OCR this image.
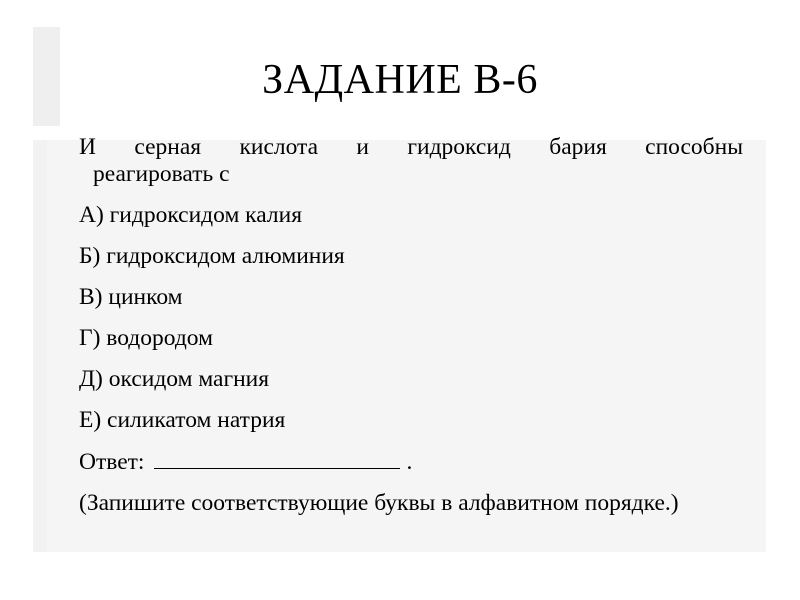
ЗАДАНИЕ В-6
И серная кислота и гидроксид бария способны
реагировать с
А) гидроксидом калия
Б) гидроксидом алюминия
В) цинком
Г) водородом
Д) оксидом магния
Е) силикатом натрия
Ответ:	.
(Запишите соответствующие буквы в алфавитном порядке.)
